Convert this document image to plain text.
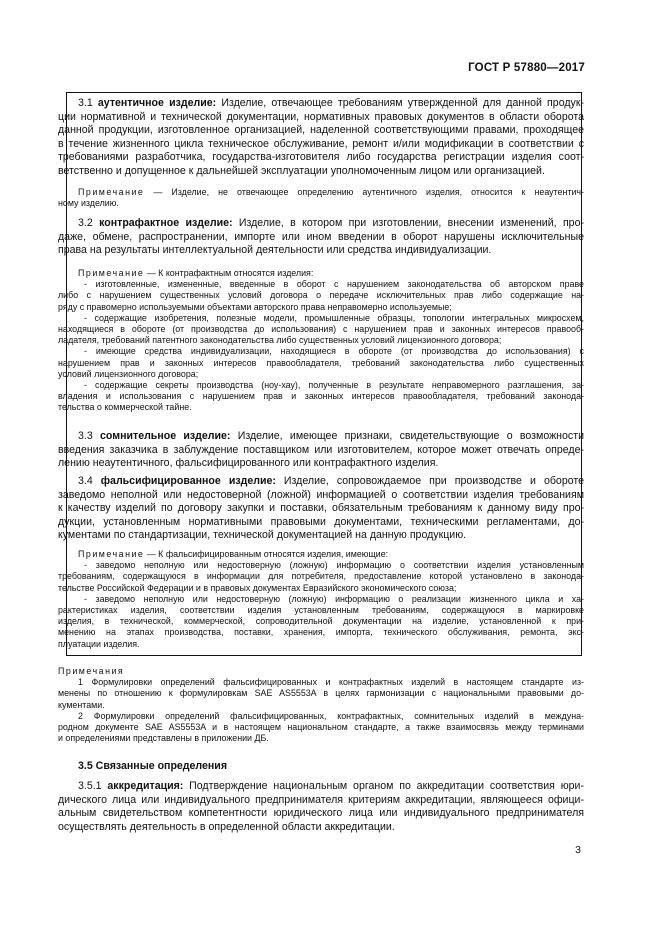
ГОСТ Р 57880—2017
3.1 аутентичное изделие: Изделие, отвечающее требованиям утвержденной для данной продук-
ции нормативной и технической документации, нормативных правовых документов в области оборота
данной продукции, изготовленное организацией, наделенной соответствующими правами, проходящее
в течение жизненного цикла техническое обслуживание, ремонт и/или модификации в соответствии с
требованиями разработчика, государства-изготовителя либо государства регистрации изделия соот-
ветственно и допущенное к дальнейшей эксплуатации уполномоченным лицом или организацией.
Примечание — Изделие, не отвечающее определению аутентичного изделия, относится к неаутентич-
ному изделию.
3.2 контрафактное изделие: Изделие, в котором при изготовлении, внесении изменений, про-
даже, обмене, распространении, импорте или ином введении в оборот нарушены исключительные
права на результаты интеллектуальной деятельности или средства индивидуализации.
Примечание — К контрафактным относятся изделия:
- изготовленные, измененные, введенные в оборот с нарушением законодательства об авторском праве
либо с нарушением существенных условий договора о передаче исключительных прав либо содержащие на-
ряду с правомерно используемыми объектами авторского права неправомерно используемые;
- содержащие изобретения, полезные модели, промышленные образцы, топологии интегральных микросхем,
находящиеся в обороте (от производства до использования) с нарушением прав и законных интересов правооб-
ладателя, требований патентного законодательства либо существенных условий лицензионного договора;
- имеющие средства индивидуализации, находящиеся в обороте (от производства до использования) с
нарушением прав и законных интересов правообладателя, требований законодательства либо существенных
условий лицензионного договора;
- содержащие секреты производства (ноу-хау), полученные в результате неправомерного разглашения, за-
владения и использования с нарушением прав и законных интересов правообладателя, требований законода-
тельства о коммерческой тайне.
3.3 сомнительное изделие: Изделие, имеющее признаки, свидетельствующие о возможности
введения заказчика в заблуждение поставщиком или изготовителем, которое может отвечать опреде-
лению неаутентичного, фальсифицированного или контрафактного изделия.
3.4 фальсифицированное изделие: Изделие, сопровождаемое при производстве и обороте
заведомо неполной или недостоверной (ложной) информацией о соответствии изделия требованиям
к качеству изделий по договору закупки и поставки, обязательным требованиям к данному виду про-
дукции, установленным нормативными правовыми документами, техническими регламентами, до-
кументами по стандартизации, технической документацией на данную продукцию.
Примечание — К фальсифицированным относятся изделия, имеющие:
- заведомо неполную или недостоверную (ложную) информацию о соответствии изделия установленным
требованиям, содержащуюся в информации для потребителя, предоставление которой установлено в законода-
тельстве Российской Федерации и в правовых документах Евразийского экономического союза;
- заведомо неполную или недостоверную (ложную) информацию о реализации жизненного цикла и ха-
рактеристиках изделия, соответствии изделия установленным требованиям, содержащуюся в маркировке
изделия, в технической, коммерческой, сопроводительной документации на изделие, установленной к при-
менению на этапах производства, поставки, хранения, импорта, технического обслуживания, ремонта, экс-
плуатации изделия.
Примечания
1 Формулировки определений фальсифицированных и контрафактных изделий в настоящем стандарте из-
менены по отношению к формулировкам SAE AS5553A в целях гармонизации с национальными правовыми до-
кументами.
2 Формулировки определений фальсифицированных, контрафактных, сомнительных изделий в междуна-
родном документе SAE AS5553A и в настоящем национальном стандарте, а также взаимосвязь между терминами
и определениями представлены в приложении ДБ.
3.5 Связанные определения
3.5.1 аккредитация: Подтверждение национальным органом по аккредитации соответствия юри-
дического лица или индивидуального предпринимателя критериям аккредитации, являющееся офици-
альным свидетельством компетентности юридического лица или индивидуального предпринимателя
осуществлять деятельность в определенной области аккредитации.
3
